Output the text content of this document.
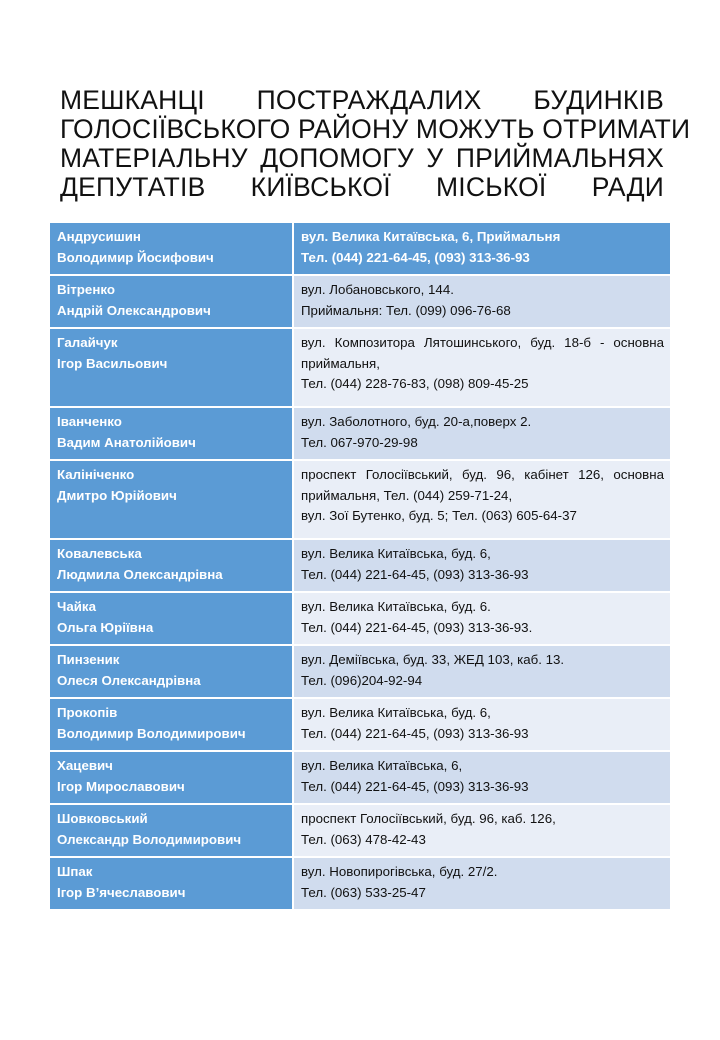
МЕШКАНЦІ ПОСТРАЖДАЛИХ БУДИНКІВ
ГОЛОСІЇВСЬКОГО РАЙОНУ МОЖУТЬ ОТРИМАТИ
МАТЕРІАЛЬНУ ДОПОМОГУ У ПРИЙМАЛЬНЯХ
ДЕПУТАТІВ КИЇВСЬКОЇ МІСЬКОЇ РАДИ
Андрусишин
Володимир Йосифович	вул. Велика Китаївська, 6, Приймальня
Тел. (044) 221-64-45, (093) 313-36-93

Вітренко
Андрій Олександрович	вул. Лобановського, 144.
Приймальня: Тел. (099) 096-76-68

Галайчук
Ігор Васильович	вул. Композитора Лятошинського, буд. 18-б - основна приймальня,
Тел. (044) 228-76-83, (098) 809-45-25

Іванченко
Вадим Анатолійович	вул. Заболотного, буд. 20-а,поверх 2.
Тел. 067-970-29-98

Калініченко
Дмитро Юрійович	проспект Голосіївський, буд. 96, кабінет 126, основна приймальня, Тел. (044) 259-71-24,
вул. Зої Бутенко, буд. 5; Тел. (063) 605-64-37

Ковалевська
Людмила Олександрівна	вул. Велика Китаївська, буд. 6,
Тел. (044) 221-64-45, (093) 313-36-93

Чайка
Ольга Юріївна	вул. Велика Китаївська, буд. 6.
Тел. (044) 221-64-45, (093) 313-36-93.

Пинзеник
Олеся Олександрівна	вул. Деміївська, буд. 33, ЖЕД 103, каб. 13.
Тел. (096)204-92-94

Прокопів
Володимир Володимирович	вул. Велика Китаївська, буд. 6,
Тел. (044) 221-64-45, (093) 313-36-93

Хацевич
Ігор Мирославович	вул. Велика Китаївська, 6,
Тел. (044) 221-64-45, (093) 313-36-93

Шовковський
Олександр Володимирович	проспект Голосіївський, буд. 96, каб. 126,
Тел. (063) 478-42-43

Шпак
Ігор В’ячеславович	вул. Новопирогівська, буд. 27/2.
Тел. (063) 533-25-47
